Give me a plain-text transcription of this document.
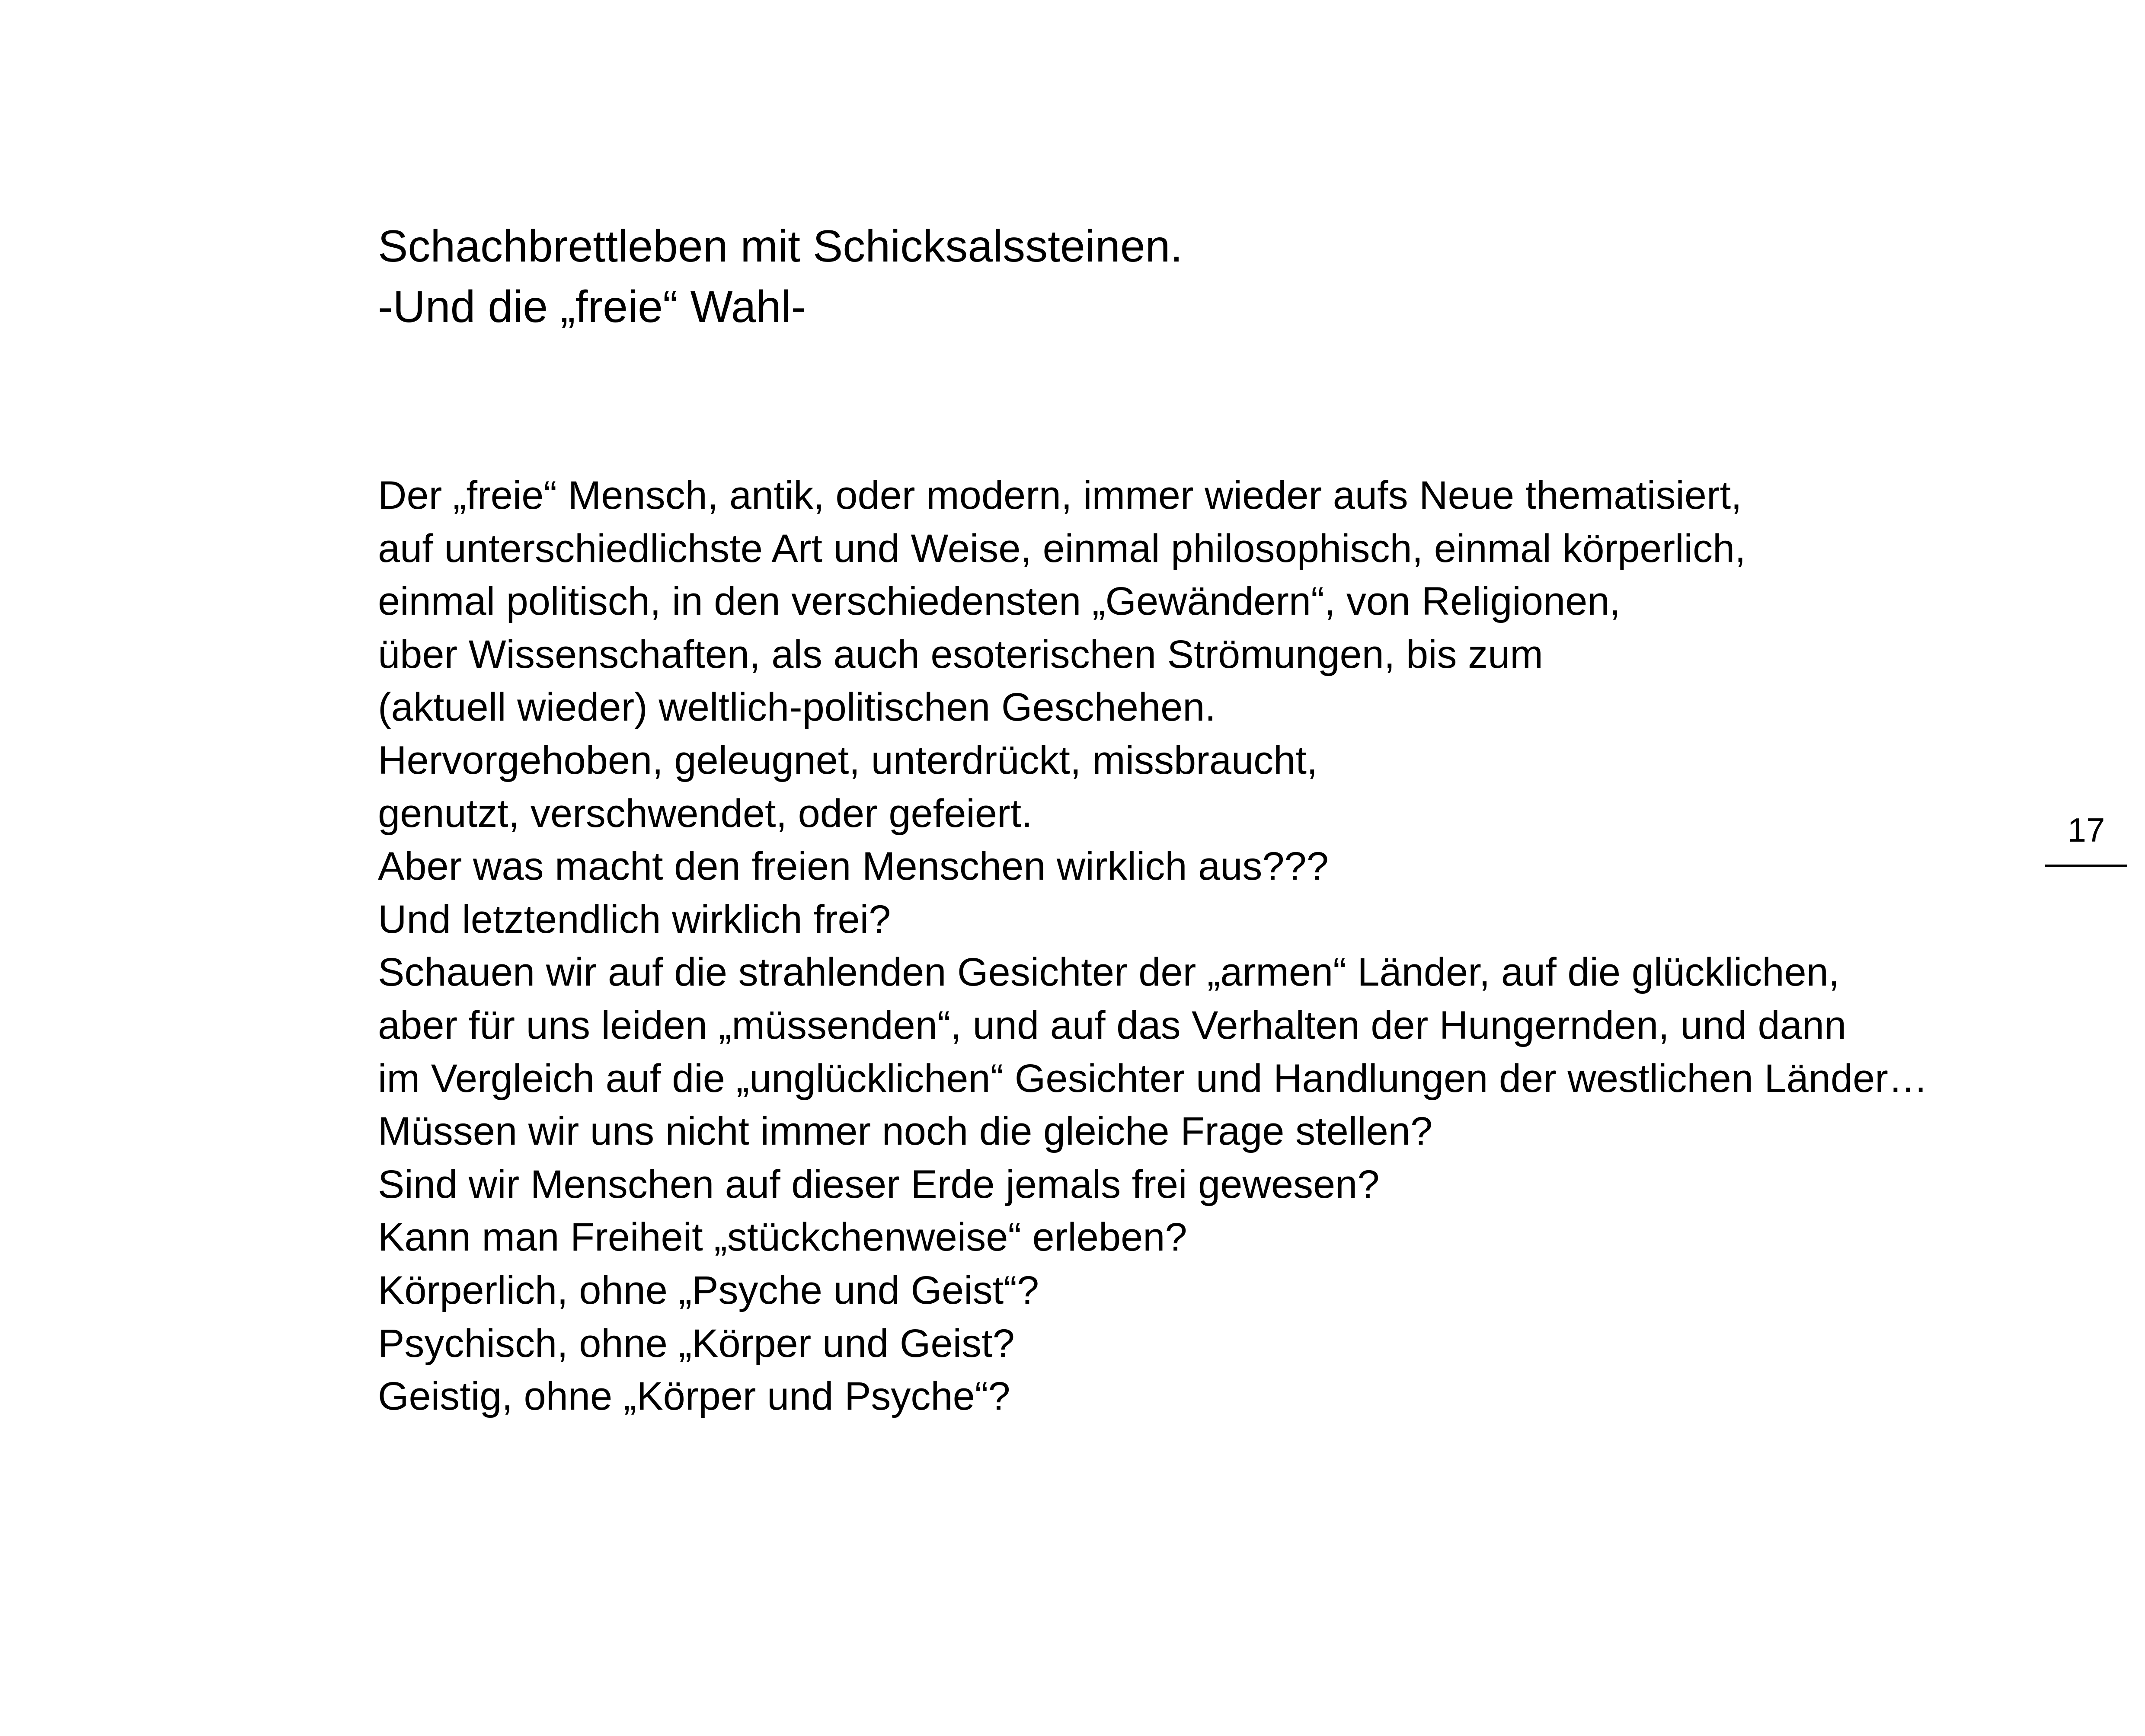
Schachbrettleben mit Schicksalssteinen.
-Und die „freie“ Wahl-
Der „freie“ Mensch, antik, oder modern, immer wieder aufs Neue thematisiert,
auf unterschiedlichste Art und Weise, einmal philosophisch, einmal körperlich,
einmal politisch, in den verschiedensten „Gewändern“, von Religionen,
über Wissenschaften, als auch esoterischen Strömungen, bis zum
(aktuell wieder) weltlich-politischen Geschehen.
Hervorgehoben, geleugnet, unterdrückt, missbraucht,
genutzt, verschwendet, oder gefeiert.
Aber was macht den freien Menschen wirklich aus???
Und letztendlich wirklich frei?
Schauen wir auf die strahlenden Gesichter der „armen“ Länder, auf die glücklichen,
aber für uns leiden „müssenden“, und auf das Verhalten der Hungernden, und dann
im Vergleich auf die „unglücklichen“ Gesichter und Handlungen der westlichen Länder…
Müssen wir uns nicht immer noch die gleiche Frage stellen?
Sind wir Menschen auf dieser Erde jemals frei gewesen?
Kann man Freiheit „stückchenweise“ erleben?
Körperlich, ohne „Psyche und Geist“?
Psychisch, ohne „Körper und Geist?
Geistig, ohne „Körper und Psyche“?
17
